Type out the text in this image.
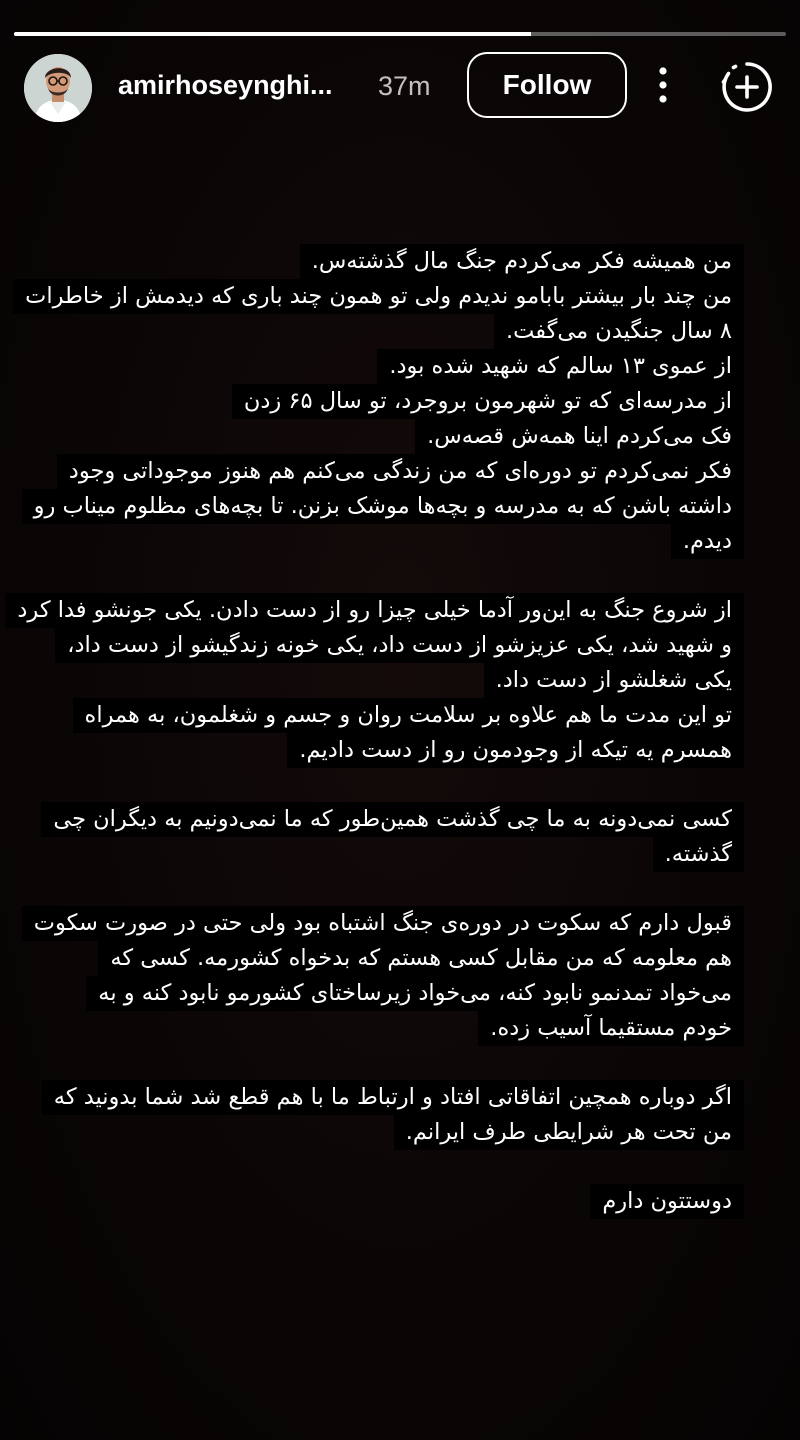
amirhoseynghi... 37m	Follow
من همیشه فکر می‌کردم جنگ مال گذشته‌س.
من چند بار بیشتر بابامو ندیدم ولی تو همون چند باری که دیدمش از خاطرات
۸ سال جنگیدن می‌گفت.
از عموی ۱۳ سالم که شهید شده بود.
از مدرسه‌ای که تو شهرمون بروجرد، تو سال ۶۵ زدن
فک می‌کردم اینا همه‌ش قصه‌س.
فکر نمی‌کردم تو دوره‌ای که من زندگی می‌کنم هم هنوز موجوداتی وجود
داشته باشن که به مدرسه و بچه‌ها موشک بزنن. تا بچه‌های مظلوم میناب رو
دیدم.
از شروع جنگ به این‌ور آدما خیلی چیزا رو از دست دادن. یکی جونشو فدا کرد
و شهید شد، یکی عزیزشو از دست داد، یکی خونه زندگیشو از دست داد،
یکی شغلشو از دست داد.
تو این مدت ما هم علاوه بر سلامت روان و جسم و شغلمون، به همراه
همسرم یه تیکه از وجودمون رو از دست دادیم.
کسی نمی‌دونه به ما چی گذشت همین‌طور که ما نمی‌دونیم به دیگران چی
گذشته.
قبول دارم که سکوت در دوره‌ی جنگ اشتباه بود ولی حتی در صورت سکوت
هم معلومه که من مقابل کسی هستم که بدخواه کشورمه. کسی که
می‌خواد تمدنمو نابود کنه، می‌خواد زیرساختای کشورمو نابود کنه و به
خودم مستقیما آسیب زده.
اگر دوباره همچین اتفاقاتی افتاد و ارتباط ما با هم قطع شد شما بدونید که
من تحت هر شرایطی طرف ایرانم.
دوستتون دارم
